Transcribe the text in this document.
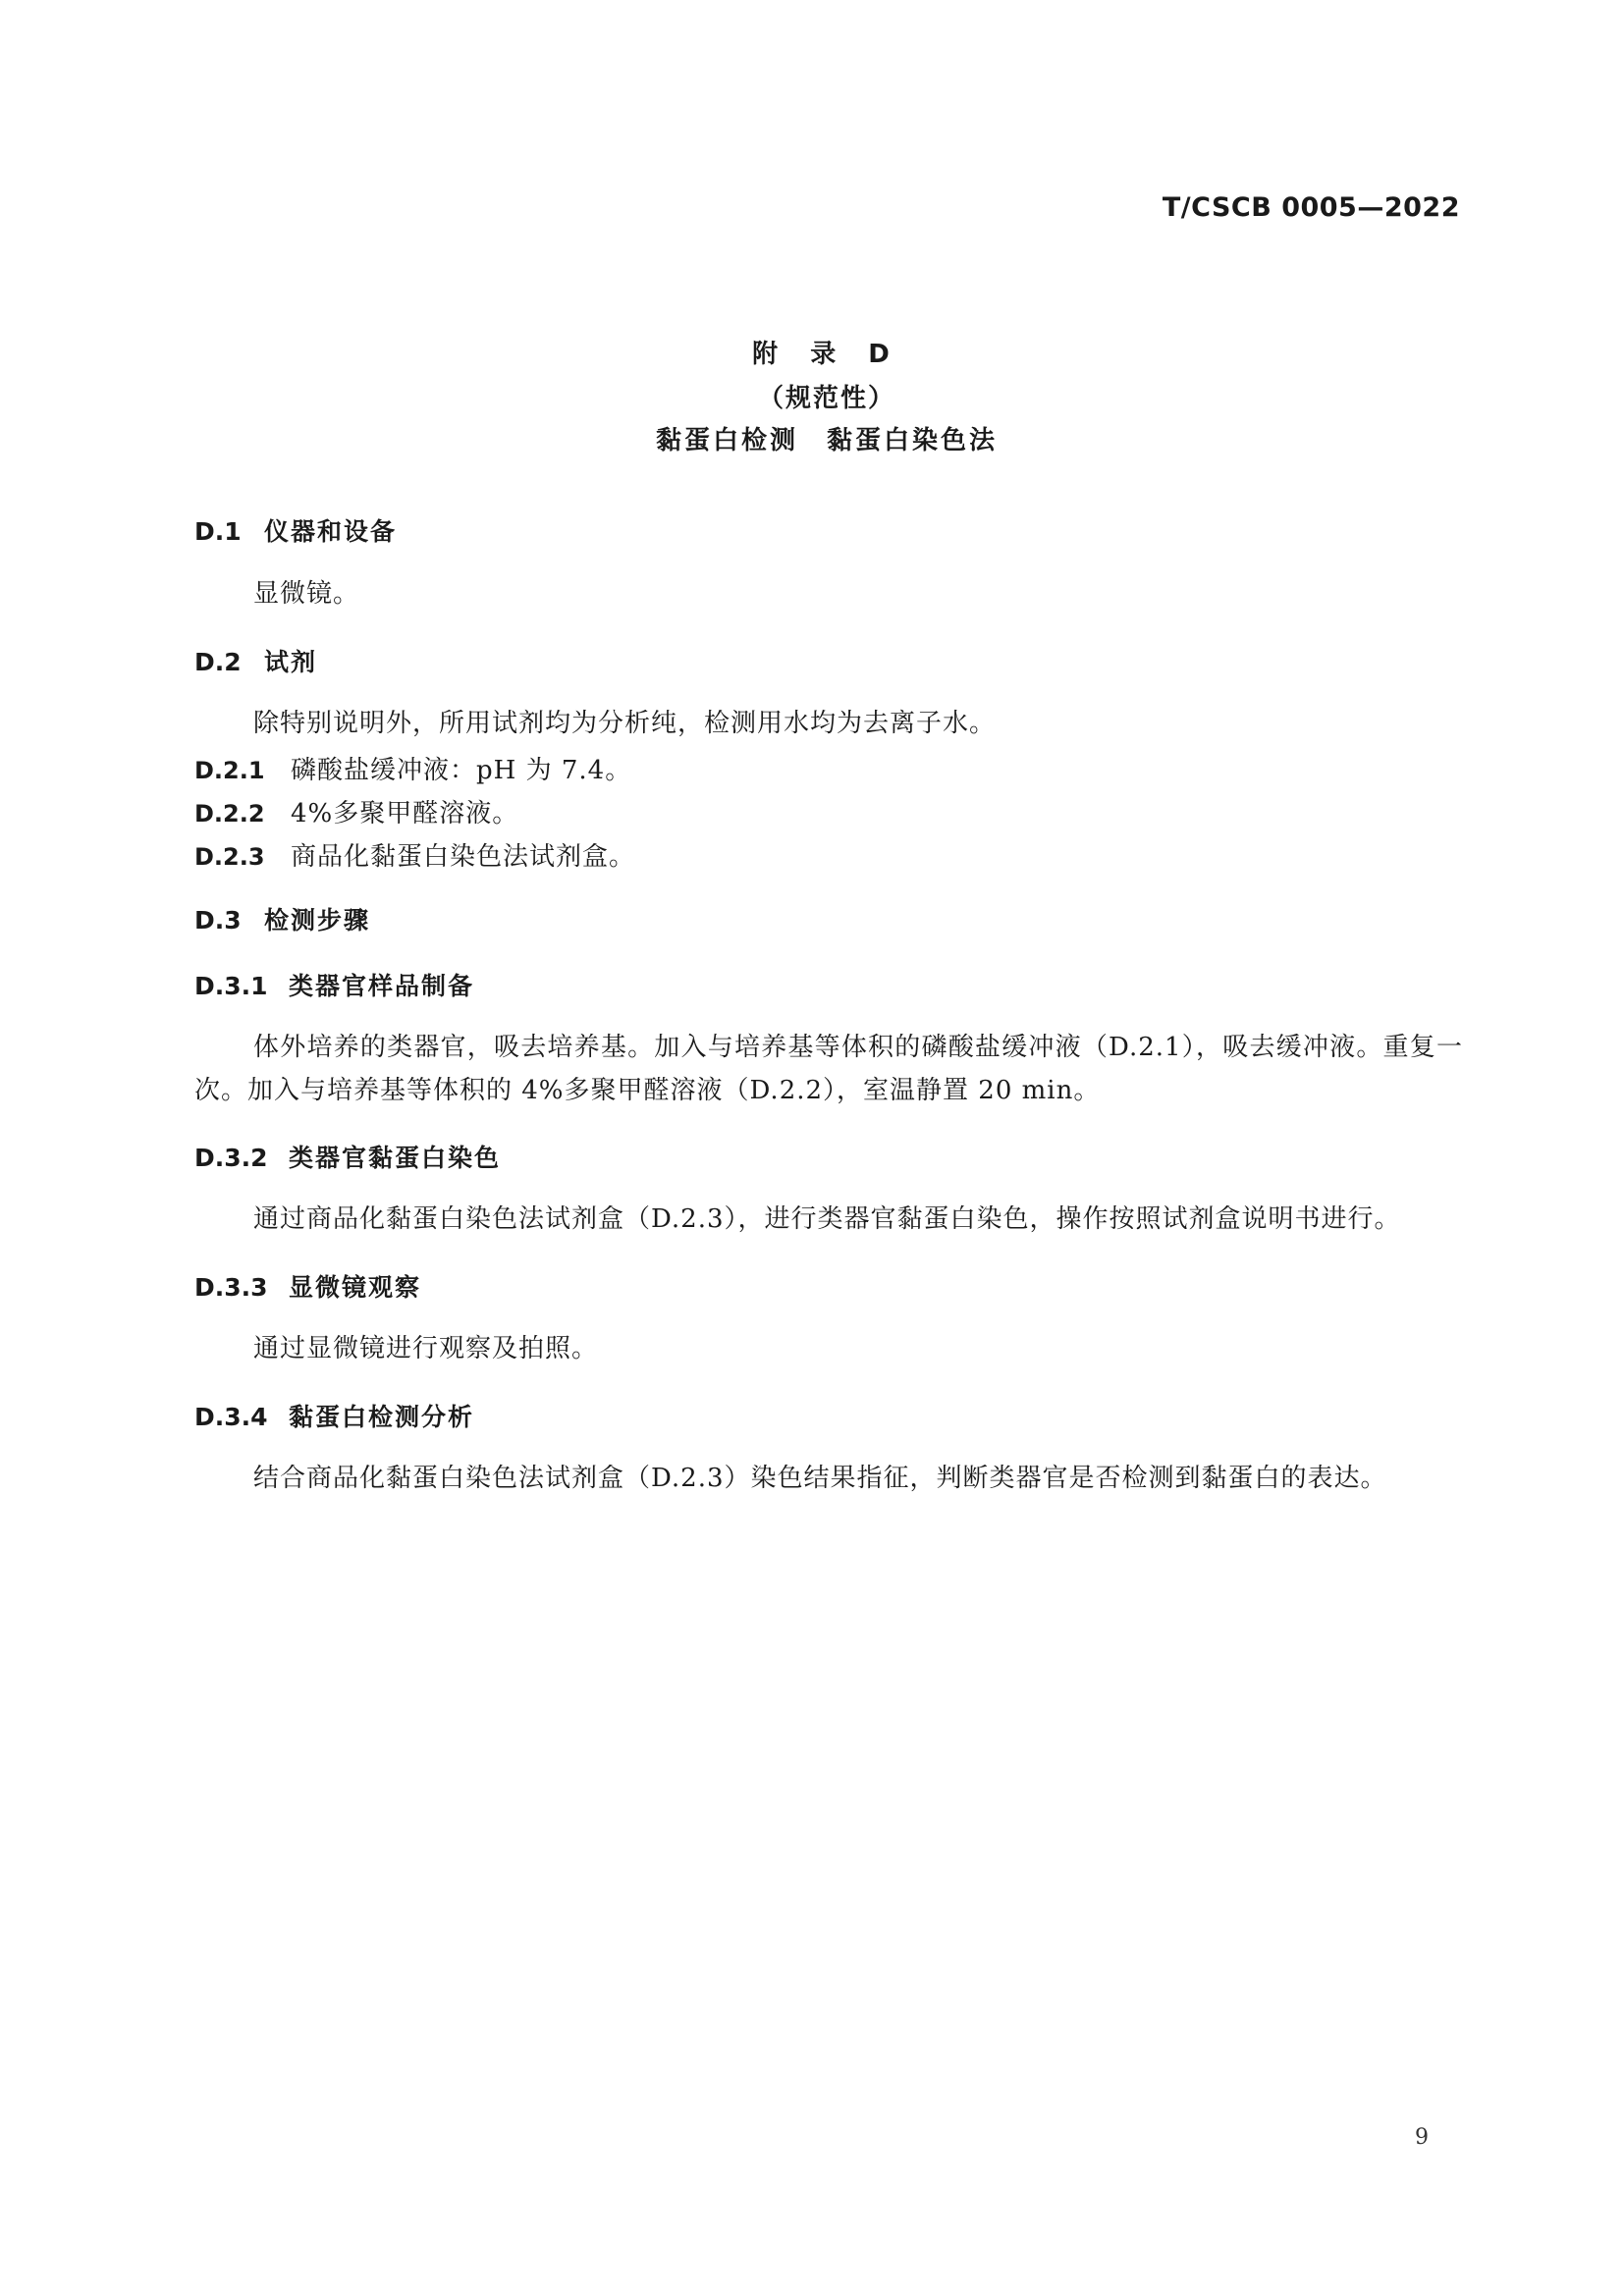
T/CSCB 0005—2022
附 录 D
（规范性）
黏蛋白检测　黏蛋白染色法
D.1 仪器和设备
显微镜。
D.2 试剂
除特别说明外，所用试剂均为分析纯，检测用水均为去离子水。
D.2.1 磷酸盐缓冲液：pH 为 7.4。
D.2.2 4%多聚甲醛溶液。
D.2.3 商品化黏蛋白染色法试剂盒。
D.3 检测步骤
D.3.1 类器官样品制备
体外培养的类器官，吸去培养基。加入与培养基等体积的磷酸盐缓冲液（D.2.1），吸去缓冲液。重复一次。加入与培养基等体积的 4%多聚甲醛溶液（D.2.2），室温静置 20 min。
D.3.2 类器官黏蛋白染色
通过商品化黏蛋白染色法试剂盒（D.2.3），进行类器官黏蛋白染色，操作按照试剂盒说明书进行。
D.3.3 显微镜观察
通过显微镜进行观察及拍照。
D.3.4 黏蛋白检测分析
结合商品化黏蛋白染色法试剂盒（D.2.3）染色结果指征，判断类器官是否检测到黏蛋白的表达。
9
